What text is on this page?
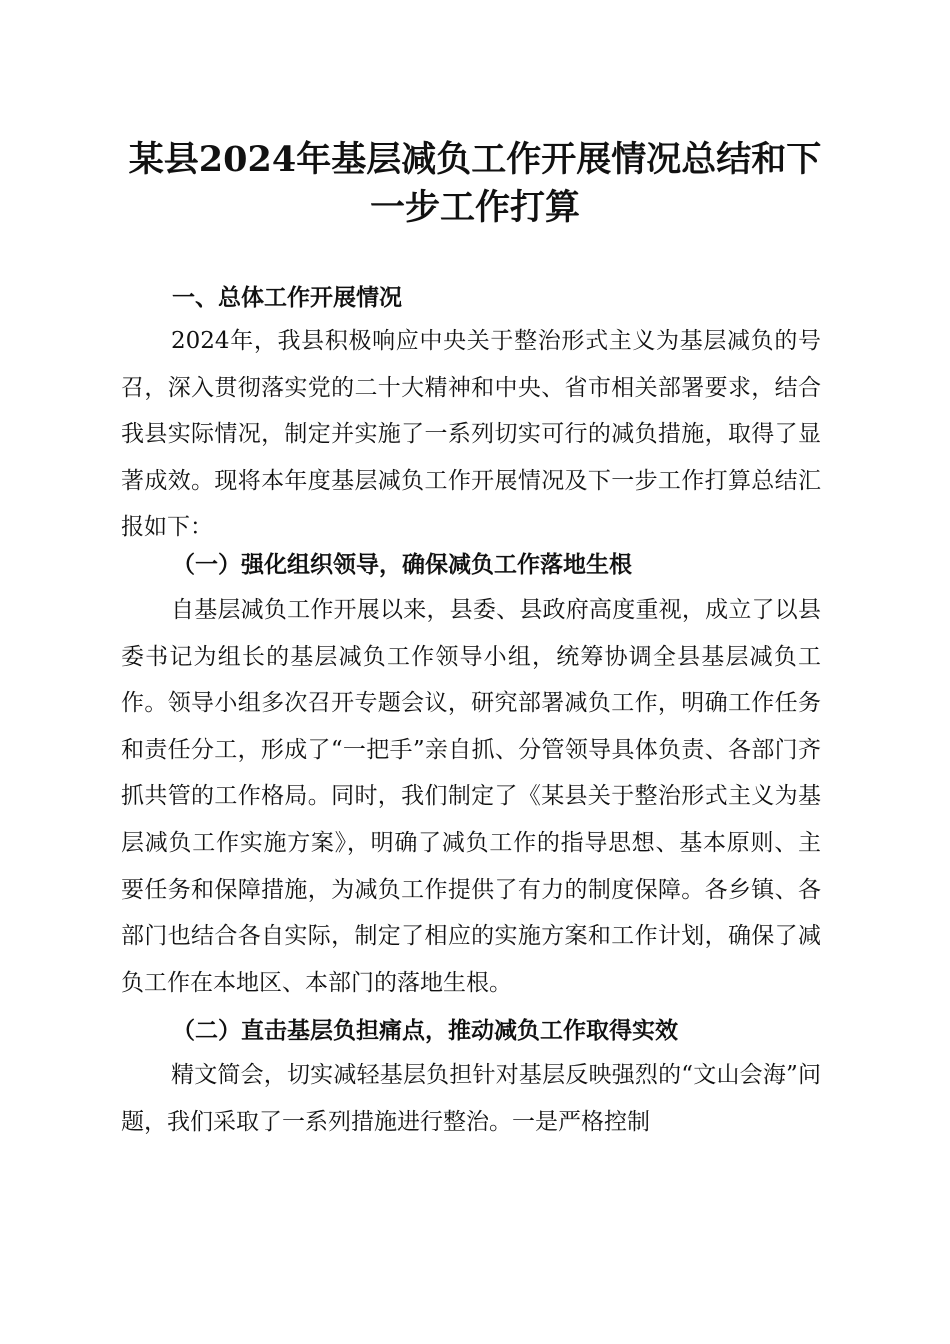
某县2024年基层减负工作开展情况总结和下
一步工作打算
一、总体工作开展情况

2024年，我县积极响应中央关于整治形式主义为基层减负的号召，深入贯彻落实党的二十大精神和中央、省市相关部署要求，结合我县实际情况，制定并实施了一系列切实可行的减负措施，取得了显著成效。现将本年度基层减负工作开展情况及下一步工作打算总结汇报如下：

（一）强化组织领导，确保减负工作落地生根

自基层减负工作开展以来，县委、县政府高度重视，成立了以县委书记为组长的基层减负工作领导小组，统筹协调全县基层减负工作。领导小组多次召开专题会议，研究部署减负工作，明确工作任务和责任分工，形成了“一把手”亲自抓、分管领导具体负责、各部门齐抓共管的工作格局。同时，我们制定了《某县关于整治形式主义为基层减负工作实施方案》，明确了减负工作的指导思想、基本原则、主要任务和保障措施，为减负工作提供了有力的制度保障。各乡镇、各部门也结合各自实际，制定了相应的实施方案和工作计划，确保了减负工作在本地区、本部门的落地生根。

（二）直击基层负担痛点，推动减负工作取得实效

精文简会，切实减轻基层负担针对基层反映强烈的“文山会海”问题，我们采取了一系列措施进行整治。一是严格控制
